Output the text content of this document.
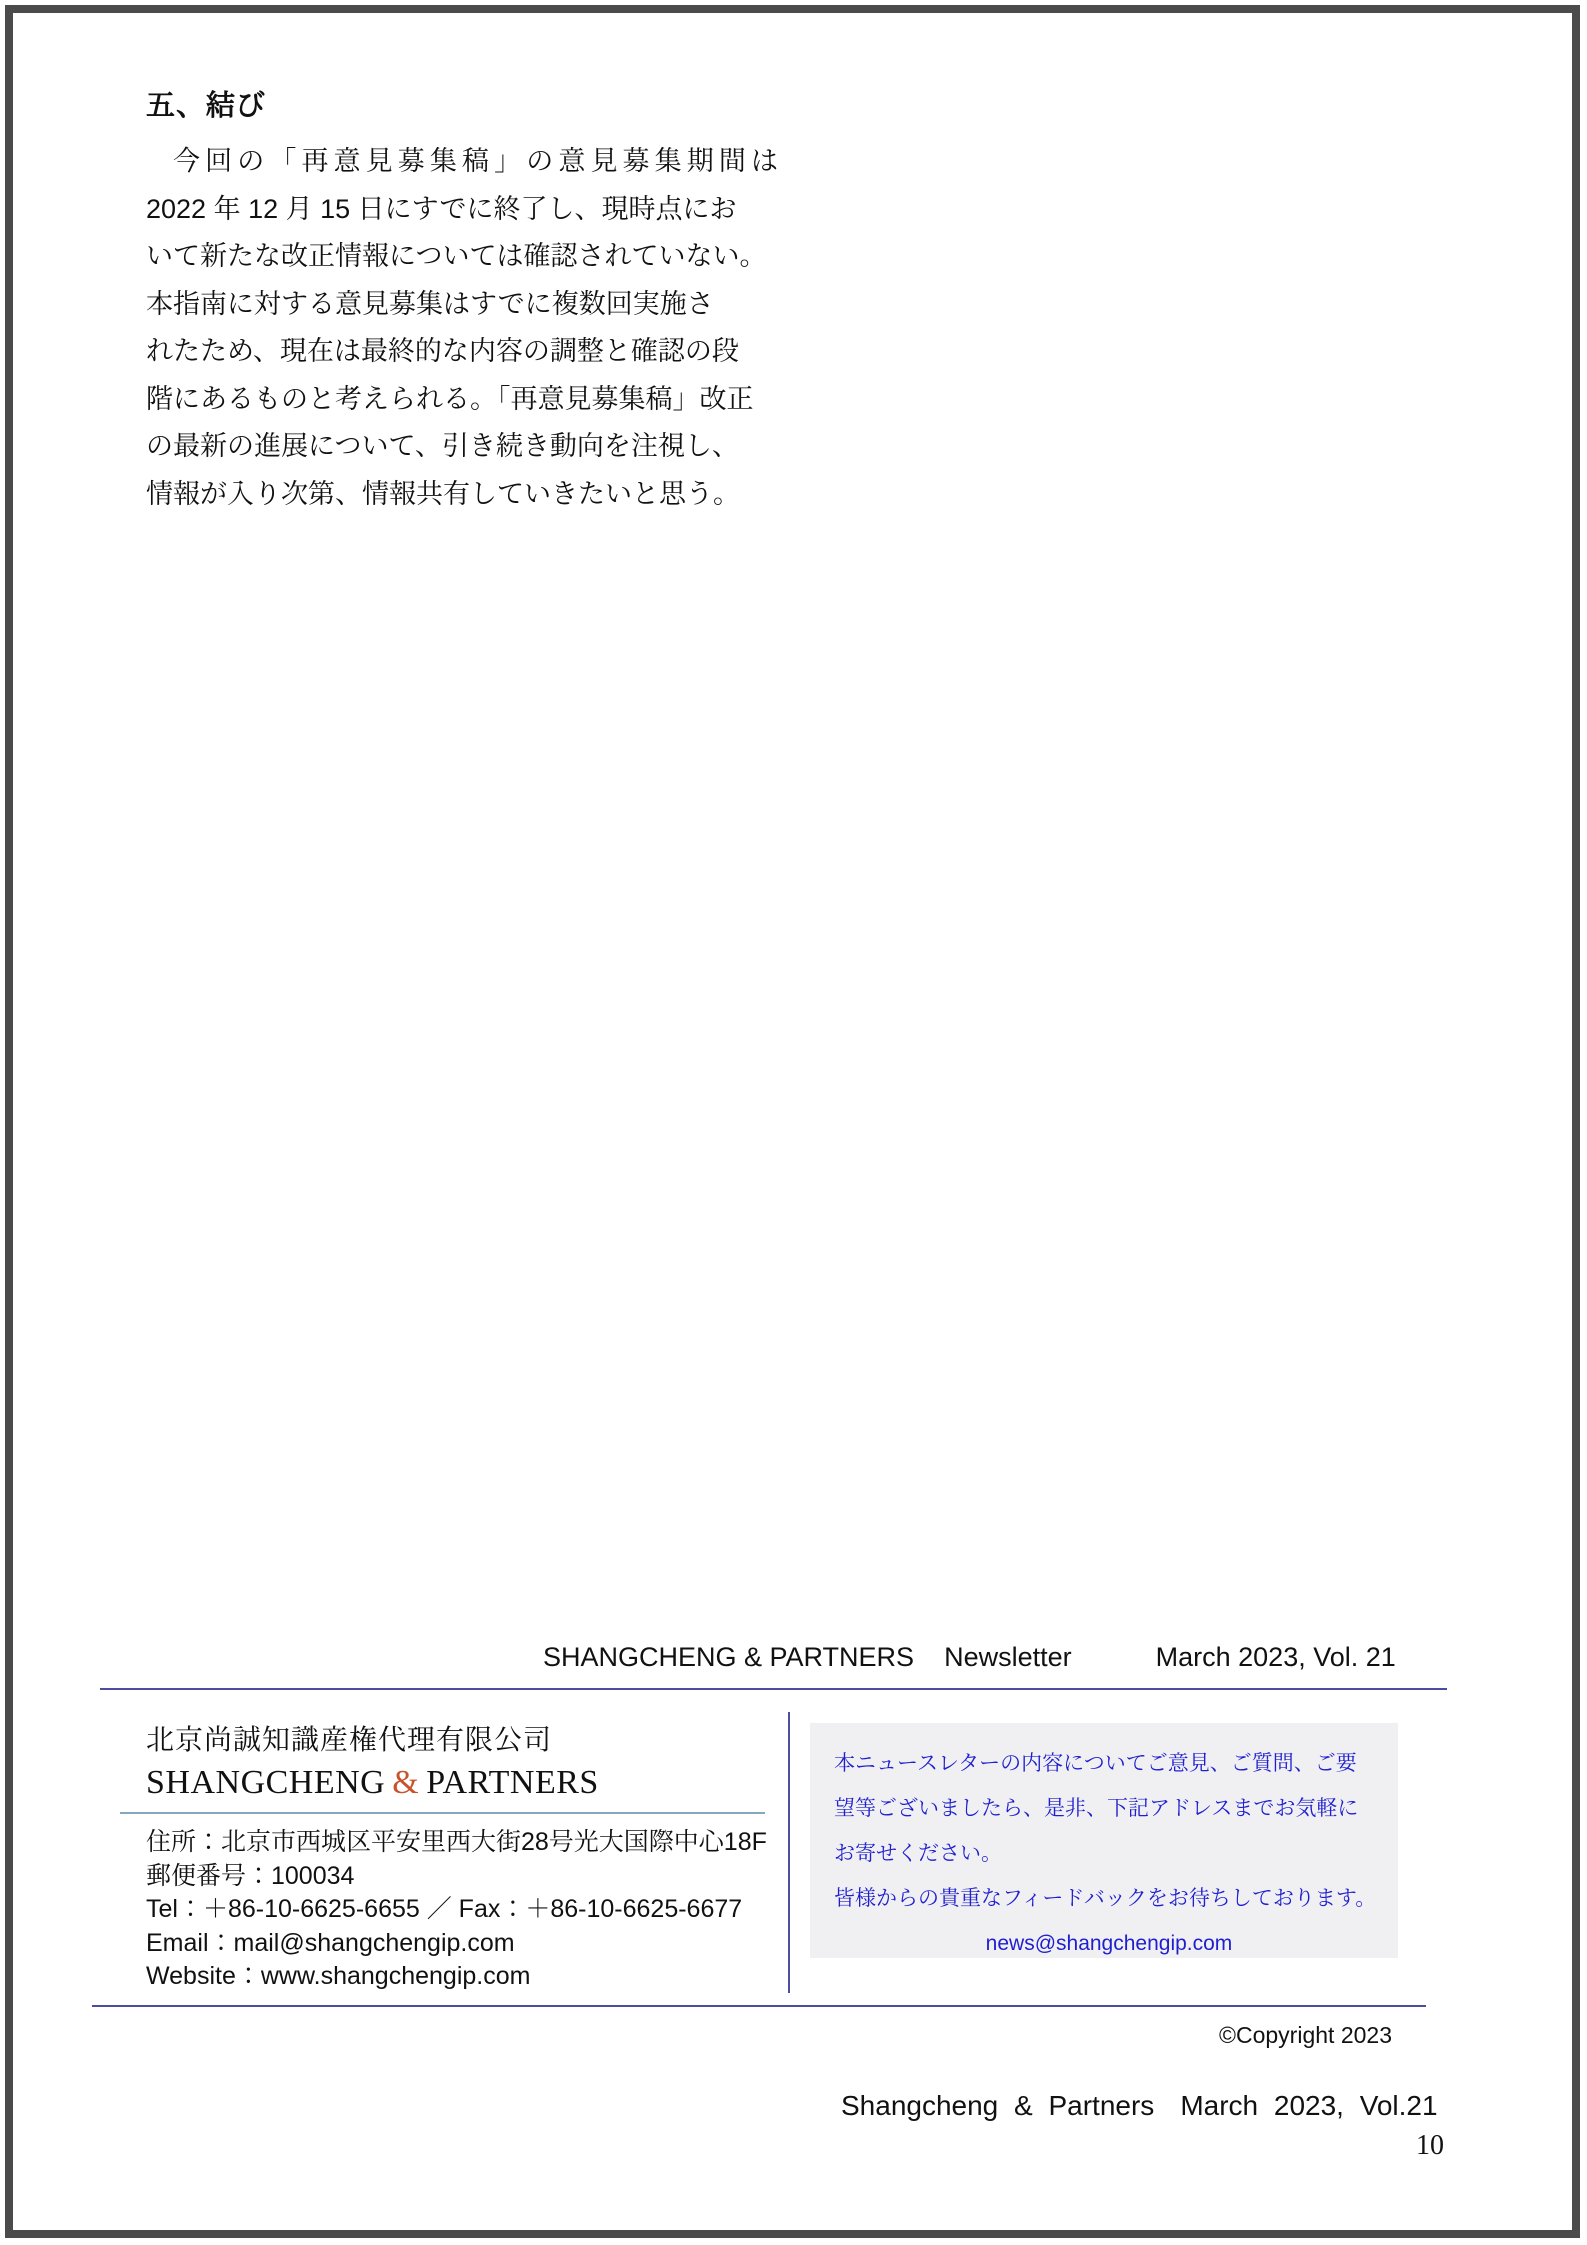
五、結び
今回の「再意見募集稿」の意見募集期間は
2022 年 12 月 15 日にすでに終了し、現時点にお
いて新たな改正情報については確認されていない。
本指南に対する意見募集はすでに複数回実施さ
れたため、現在は最終的な内容の調整と確認の段
階にあるものと考えられる。「再意見募集稿」改正
の最新の進展について、引き続き動向を注視し、
情報が入り次第、情報共有していきたいと思う。
SHANGCHENG & PARTNERS Newsletter	March 2023, Vol. 21
北京尚誠知識産権代理有限公司
SHANGCHENG & PARTNERS
住所：北京市西城区平安里西大街28号光大国際中心18F
郵便番号：100034
Tel：＋86-10-6625-6655 ／ Fax：＋86-10-6625-6677
Email：mail@shangchengip.com
Website：www.shangchengip.com
本ニュースレターの内容についてご意見、ご質問、ご要
望等ございましたら、是非、下記アドレスまでお気軽に
お寄せください。
皆様からの貴重なフィードバックをお待ちしております。
news@shangchengip.com
©Copyright 2023
Shangcheng & Partners March 2023, Vol.21
10
